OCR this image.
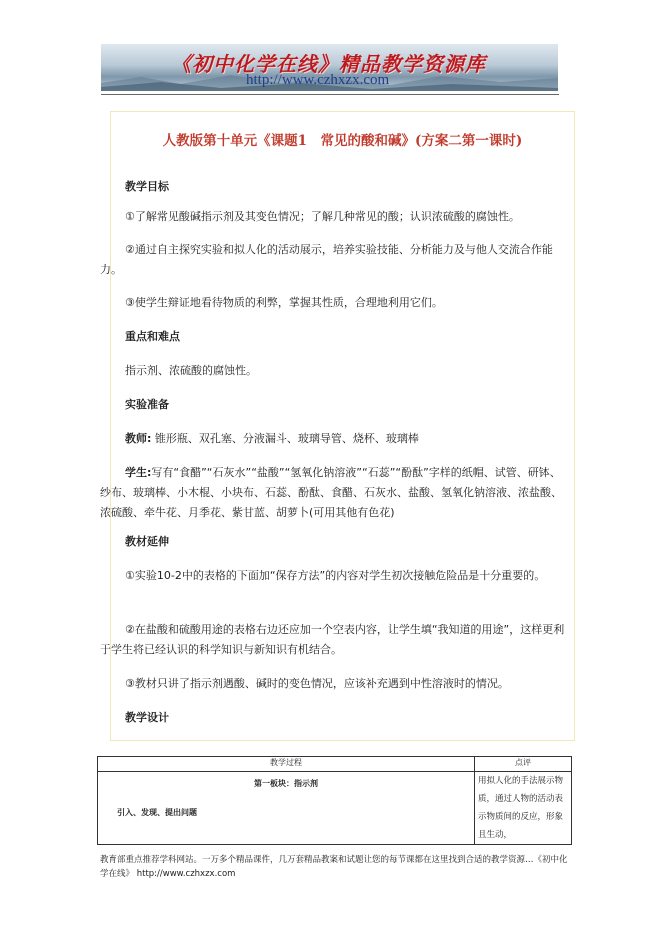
《初中化学在线》精品教学资源库
http://www.czhxzx.com
人教版第十单元《课题1　常见的酸和碱》(方案二第一课时)
教学目标
①了解常见酸碱指示剂及其变色情况；了解几种常见的酸；认识浓硫酸的腐蚀性。
②通过自主探究实验和拟人化的活动展示，培养实验技能、分析能力及与他人交流合作能力。
③使学生辩证地看待物质的利弊，掌握其性质，合理地利用它们。
重点和难点
指示剂、浓硫酸的腐蚀性。
实验准备
教师: 锥形瓶、双孔塞、分液漏斗、玻璃导管、烧杯、玻璃棒
学生:写有“食醋”“石灰水”“盐酸”“氢氧化钠溶液”“石蕊”“酚酞”字样的纸帽、试管、研钵、纱布、玻璃棒、小木棍、小块布、石蕊、酚酞、食醋、石灰水、盐酸、氢氧化钠溶液、浓盐酸、浓硫酸、牵牛花、月季花、紫甘蓝、胡萝卜(可用其他有色花)
教材延伸
①实验10-2中的表格的下面加“保存方法”的内容对学生初次接触危险品是十分重要的。
②在盐酸和硫酸用途的表格右边还应加一个空表内容，让学生填“我知道的用途”，这样更利于学生将已经认识的科学知识与新知识有机结合。
③教材只讲了指示剂遇酸、碱时的变色情况，应该补充遇到中性溶液时的情况。
教学设计
教学过程	点评

第一板块：指示剂
引入、发现、提出问题	用拟人化的手法展示物质，通过人物的活动表示物质间的反应，形象且生动，
教育部重点推荐学科网站。一万多个精品课件，几万套精品教案和试题让您的每节课都在这里找到合适的教学资源…《初中化学在线》 http://www.czhxzx.com
